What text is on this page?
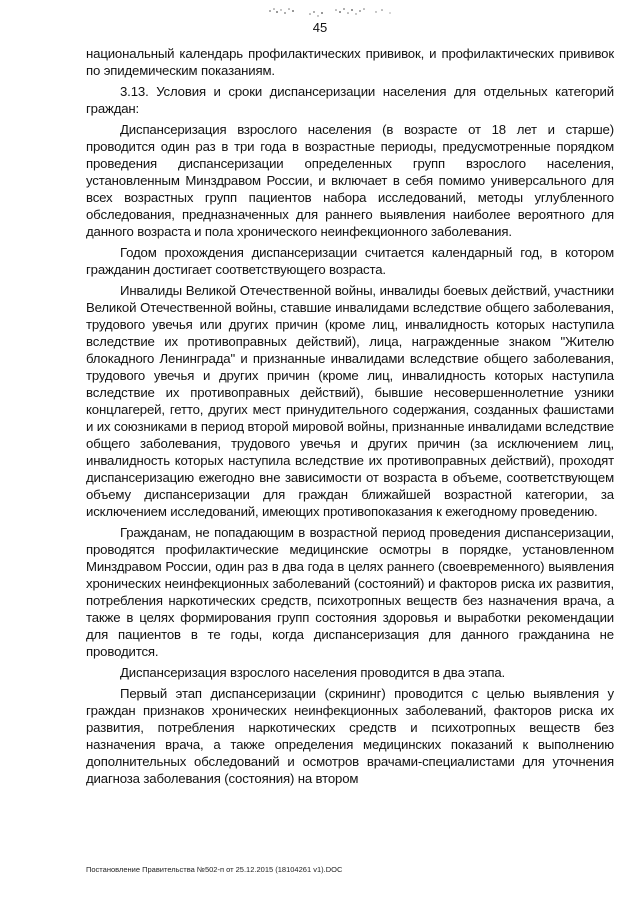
45

национальный календарь профилактических прививок, и профилактических прививок по эпидемическим показаниям.

3.13. Условия и сроки диспансеризации населения для отдельных категорий граждан:

Диспансеризация взрослого населения (в возрасте от 18 лет и старше) проводится один раз в три года в возрастные периоды, предусмотренные порядком проведения диспансеризации определенных групп взрослого населения, установленным Минздравом России, и включает в себя помимо универсального для всех возрастных групп пациентов набора исследований, методы углубленного обследования, предназначенных для раннего выявления наиболее вероятного для данного возраста и пола хронического неинфекционного заболевания.

Годом прохождения диспансеризации считается календарный год, в котором гражданин достигает соответствующего возраста.

Инвалиды Великой Отечественной войны, инвалиды боевых действий, участники Великой Отечественной войны, ставшие инвалидами вследствие общего заболевания, трудового увечья или других причин (кроме лиц, инвалидность которых наступила вследствие их противоправных действий), лица, награжденные знаком "Жителю блокадного Ленинграда" и признанные инвалидами вследствие общего заболевания, трудового увечья и других причин (кроме лиц, инвалидность которых наступила вследствие их противоправных действий), бывшие несовершеннолетние узники концлагерей, гетто, других мест принудительного содержания, созданных фашистами и их союзниками в период второй мировой войны, признанные инвалидами вследствие общего заболевания, трудового увечья и других причин (за исключением лиц, инвалидность которых наступила вследствие их противоправных действий), проходят диспансеризацию ежегодно вне зависимости от возраста в объеме, соответствующем объему диспансеризации для граждан ближайшей возрастной категории, за исключением исследований, имеющих противопоказания к ежегодному проведению.

Гражданам, не попадающим в возрастной период проведения диспансеризации, проводятся профилактические медицинские осмотры в порядке, установленном Минздравом России, один раз в два года в целях раннего (своевременного) выявления хронических неинфекционных заболеваний (состояний) и факторов риска их развития, потребления наркотических средств, психотропных веществ без назначения врача, а также в целях формирования групп состояния здоровья и выработки рекомендации для пациентов в те годы, когда диспансеризация для данного гражданина не проводится.

Диспансеризация взрослого населения проводится в два этапа.

Первый этап диспансеризации (скрининг) проводится с целью выявления у граждан признаков хронических неинфекционных заболеваний, факторов риска их развития, потребления наркотических средств и психотропных веществ без назначения врача, а также определения медицинских показаний к выполнению дополнительных обследований и осмотров врачами-специалистами для уточнения диагноза заболевания (состояния) на втором

Постановление Правительства №502-п от 25.12.2015 (18104261 v1).DOC
